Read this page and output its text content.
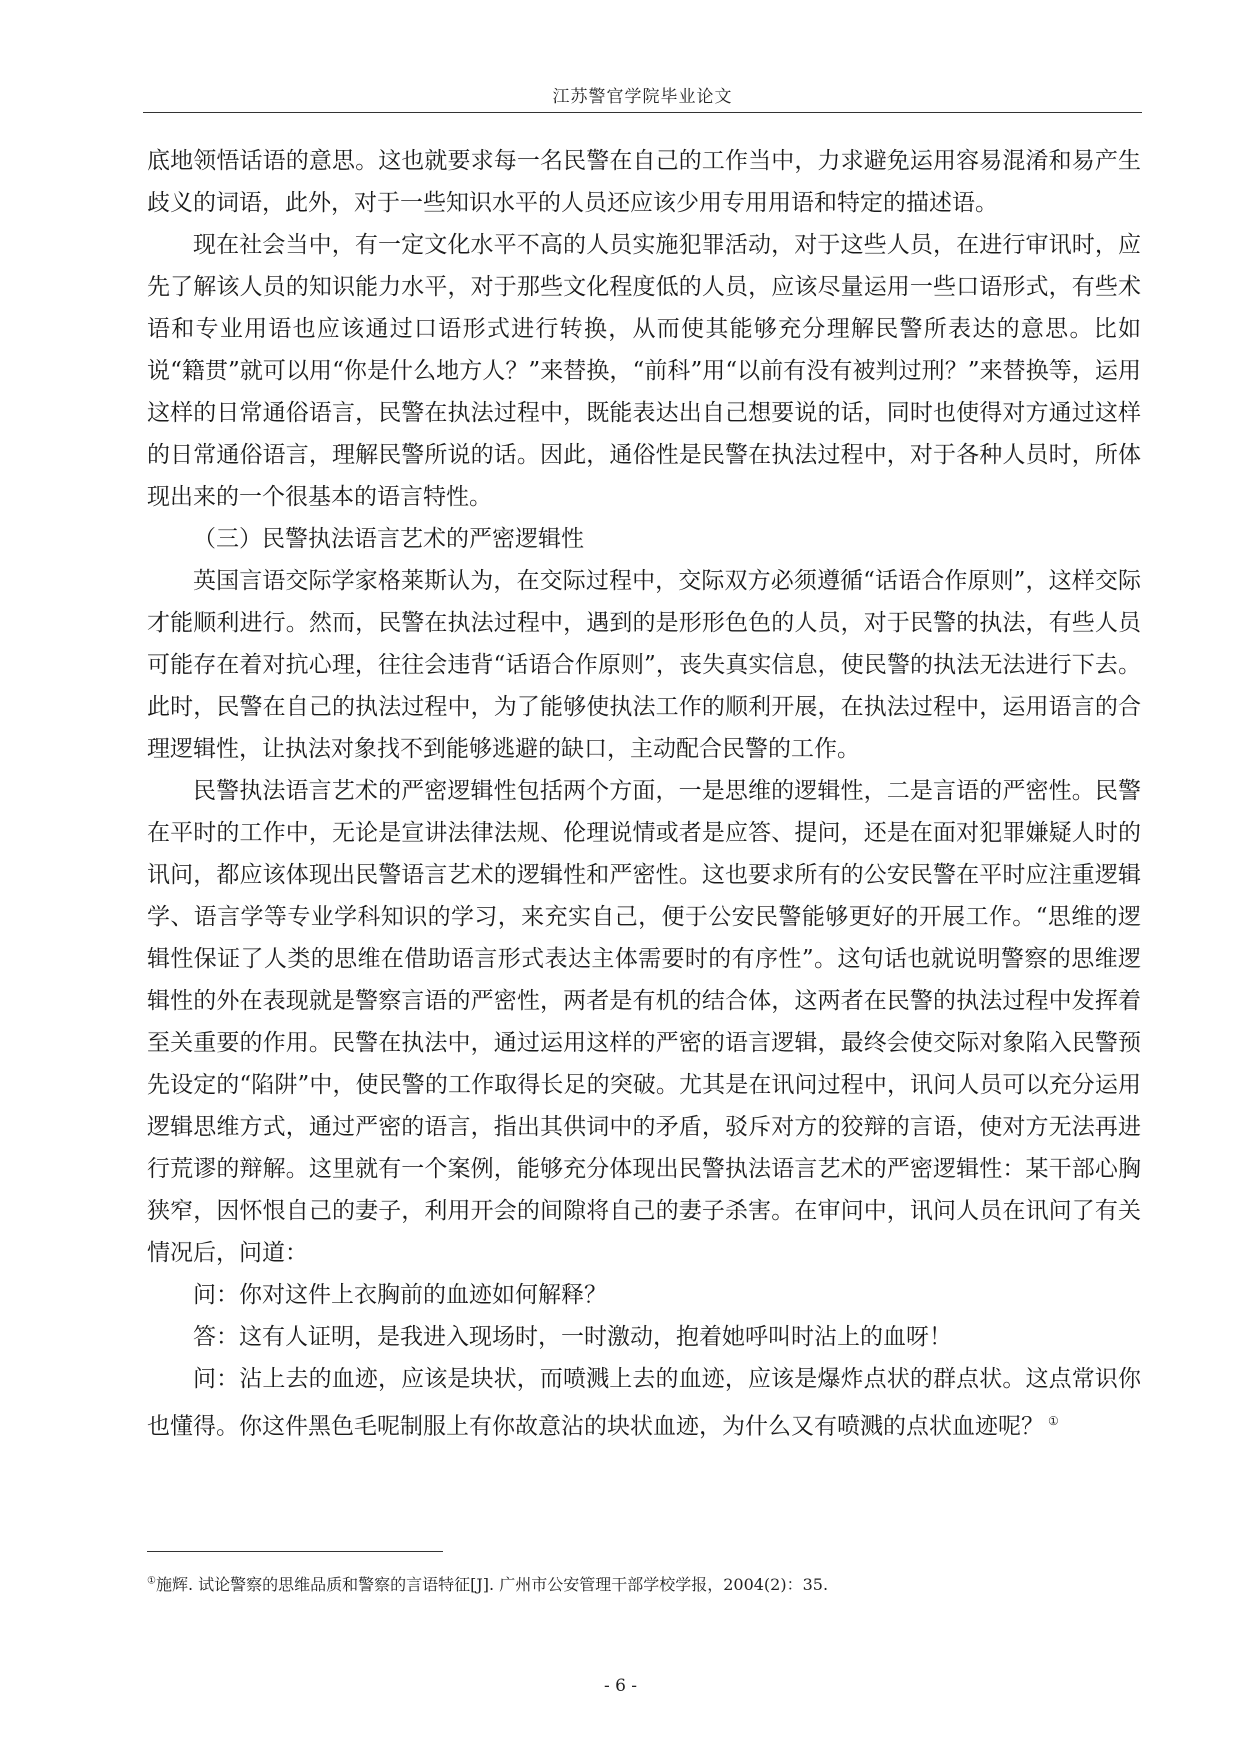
江苏警官学院毕业论文

底地领悟话语的意思。这也就要求每一名民警在自己的工作当中，力求避免运用容易混淆和易产生歧义的词语，此外，对于一些知识水平的人员还应该少用专用用语和特定的描述语。

现在社会当中，有一定文化水平不高的人员实施犯罪活动，对于这些人员，在进行审讯时，应先了解该人员的知识能力水平，对于那些文化程度低的人员，应该尽量运用一些口语形式，有些术语和专业用语也应该通过口语形式进行转换，从而使其能够充分理解民警所表达的意思。比如说“籍贯”就可以用“你是什么地方人？”来替换，“前科”用“以前有没有被判过刑？”来替换等，运用这样的日常通俗语言，民警在执法过程中，既能表达出自己想要说的话，同时也使得对方通过这样的日常通俗语言，理解民警所说的话。因此，通俗性是民警在执法过程中，对于各种人员时，所体现出来的一个很基本的语言特性。

（三）民警执法语言艺术的严密逻辑性

英国言语交际学家格莱斯认为，在交际过程中，交际双方必须遵循“话语合作原则”，这样交际才能顺利进行。然而，民警在执法过程中，遇到的是形形色色的人员，对于民警的执法，有些人员可能存在着对抗心理，往往会违背“话语合作原则”，丧失真实信息，使民警的执法无法进行下去。此时，民警在自己的执法过程中，为了能够使执法工作的顺利开展，在执法过程中，运用语言的合理逻辑性，让执法对象找不到能够逃避的缺口，主动配合民警的工作。

民警执法语言艺术的严密逻辑性包括两个方面，一是思维的逻辑性，二是言语的严密性。民警在平时的工作中，无论是宣讲法律法规、伦理说情或者是应答、提问，还是在面对犯罪嫌疑人时的讯问，都应该体现出民警语言艺术的逻辑性和严密性。这也要求所有的公安民警在平时应注重逻辑学、语言学等专业学科知识的学习，来充实自己，便于公安民警能够更好的开展工作。“思维的逻辑性保证了人类的思维在借助语言形式表达主体需要时的有序性”。这句话也就说明警察的思维逻辑性的外在表现就是警察言语的严密性，两者是有机的结合体，这两者在民警的执法过程中发挥着至关重要的作用。民警在执法中，通过运用这样的严密的语言逻辑，最终会使交际对象陷入民警预先设定的“陷阱”中，使民警的工作取得长足的突破。尤其是在讯问过程中，讯问人员可以充分运用逻辑思维方式，通过严密的语言，指出其供词中的矛盾，驳斥对方的狡辩的言语，使对方无法再进行荒谬的辩解。这里就有一个案例，能够充分体现出民警执法语言艺术的严密逻辑性：某干部心胸狭窄，因怀恨自己的妻子，利用开会的间隙将自己的妻子杀害。在审问中，讯问人员在讯问了有关情况后，问道：

问：你对这件上衣胸前的血迹如何解释？

答：这有人证明，是我进入现场时，一时激动，抱着她呼叫时沾上的血呀！

问：沾上去的血迹，应该是块状，而喷溅上去的血迹，应该是爆炸点状的群点状。这点常识你也懂得。你这件黑色毛呢制服上有你故意沾的块状血迹，为什么又有喷溅的点状血迹呢？ ①

①施辉. 试论警察的思维品质和警察的言语特征[J]. 广州市公安管理干部学校学报，2004(2)：35.
- 6 -
